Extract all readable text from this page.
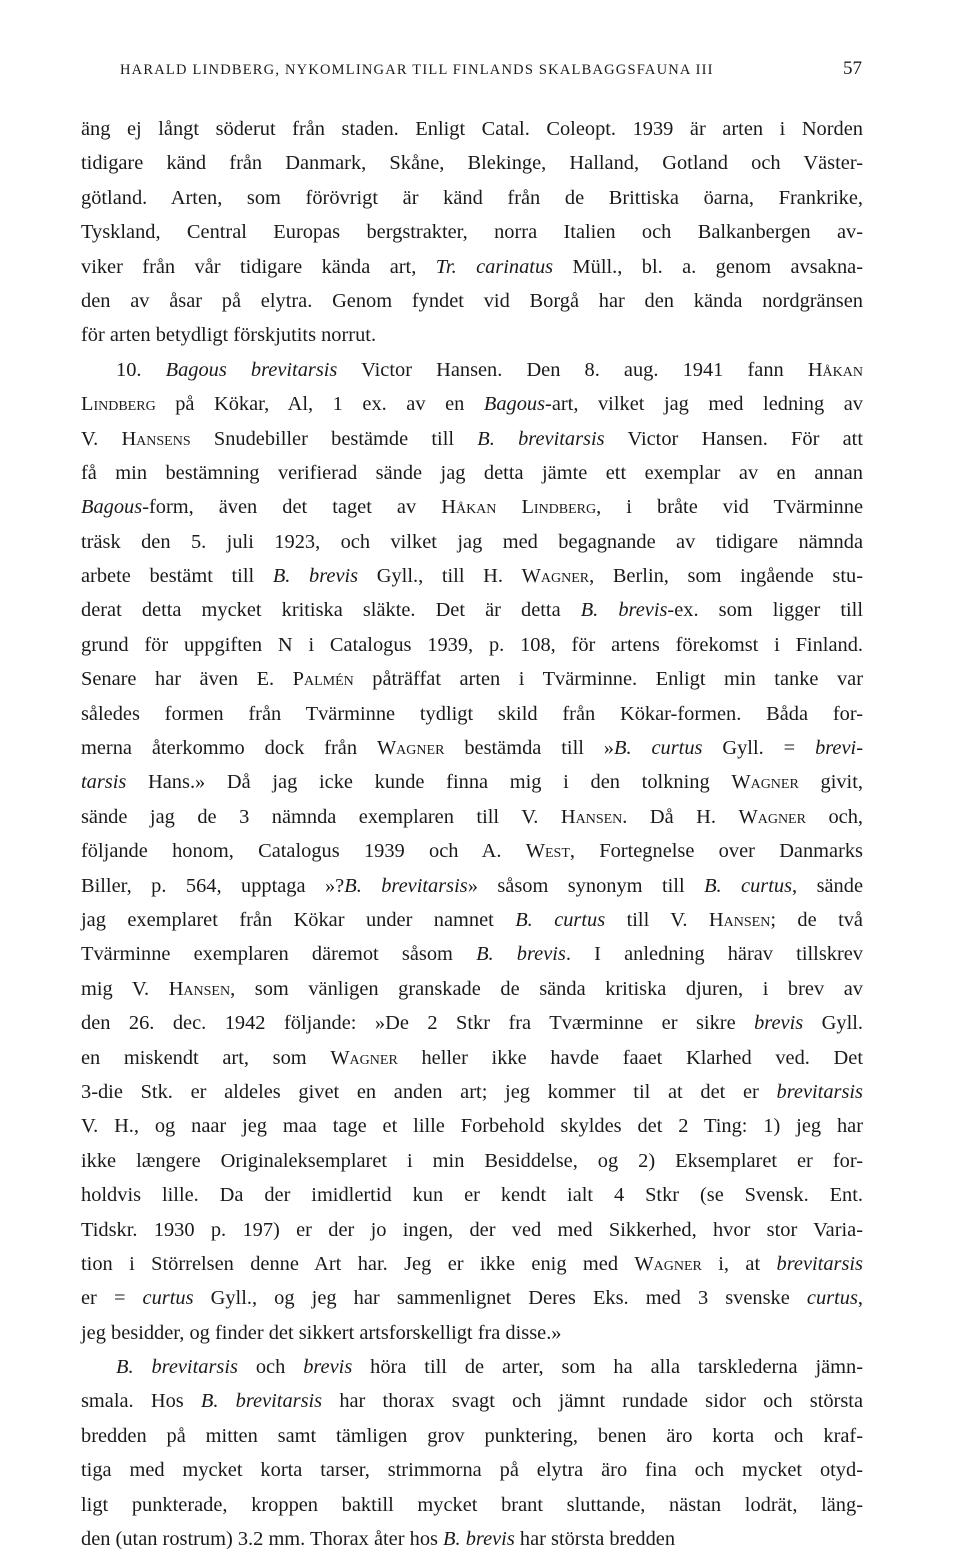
HARALD LINDBERG, NYKOMLINGAR TILL FINLANDS SKALBAGGSFAUNA III	57
äng ej långt söderut från staden. Enligt Catal. Coleopt. 1939 är arten i Norden
tidigare känd från Danmark, Skåne, Blekinge, Halland, Gotland och Väster-
götland. Arten, som förövrigt är känd från de Brittiska öarna, Frankrike,
Tyskland, Central Europas bergstrakter, norra Italien och Balkanbergen av-
viker från vår tidigare kända art, Tr. carinatus Müll., bl. a. genom avsakna-
den av åsar på elytra. Genom fyndet vid Borgå har den kända nordgränsen
för arten betydligt förskjutits norrut.
10. Bagous brevitarsis Victor Hansen. Den 8. aug. 1941 fann Håkan
Lindberg på Kökar, Al, 1 ex. av en Bagous-art, vilket jag med ledning av
V. Hansens Snudebiller bestämde till B. brevitarsis Victor Hansen. För att
få min bestämning verifierad sände jag detta jämte ett exemplar av en annan
Bagous-form, även det taget av Håkan Lindberg, i bråte vid Tvärminne
träsk den 5. juli 1923, och vilket jag med begagnande av tidigare nämnda
arbete bestämt till B. brevis Gyll., till H. Wagner, Berlin, som ingående stu-
derat detta mycket kritiska släkte. Det är detta B. brevis-ex. som ligger till
grund för uppgiften N i Catalogus 1939, p. 108, för artens förekomst i Finland.
Senare har även E. Palmén påträffat arten i Tvärminne. Enligt min tanke var
således formen från Tvärminne tydligt skild från Kökar-formen. Båda for-
merna återkommo dock från Wagner bestämda till »B. curtus Gyll. = brevi-
tarsis Hans.» Då jag icke kunde finna mig i den tolkning Wagner givit,
sände jag de 3 nämnda exemplaren till V. Hansen. Då H. Wagner och,
följande honom, Catalogus 1939 och A. West, Fortegnelse over Danmarks
Biller, p. 564, upptaga »?B. brevitarsis» såsom synonym till B. curtus, sände
jag exemplaret från Kökar under namnet B. curtus till V. Hansen; de två
Tvärminne exemplaren däremot såsom B. brevis. I anledning härav tillskrev
mig V. Hansen, som vänligen granskade de sända kritiska djuren, i brev av
den 26. dec. 1942 följande: »De 2 Stkr fra Tværminne er sikre brevis Gyll.
en miskendt art, som Wagner heller ikke havde faaet Klarhed ved. Det
3-die Stk. er aldeles givet en anden art; jeg kommer til at det er brevitarsis
V. H., og naar jeg maa tage et lille Forbehold skyldes det 2 Ting: 1) jeg har
ikke længere Originaleksemplaret i min Besiddelse, og 2) Eksemplaret er for-
holdvis lille. Da der imidlertid kun er kendt ialt 4 Stkr (se Svensk. Ent.
Tidskr. 1930 p. 197) er der jo ingen, der ved med Sikkerhed, hvor stor Varia-
tion i Störrelsen denne Art har. Jeg er ikke enig med Wagner i, at brevitarsis
er = curtus Gyll., og jeg har sammenlignet Deres Eks. med 3 svenske curtus,
jeg besidder, og finder det sikkert artsforskelligt fra disse.»
B. brevitarsis och brevis höra till de arter, som ha alla tarsklederna jämn-
smala. Hos B. brevitarsis har thorax svagt och jämnt rundade sidor och största
bredden på mitten samt tämligen grov punktering, benen äro korta och kraf-
tiga med mycket korta tarser, strimmorna på elytra äro fina och mycket otyd-
ligt punkterade, kroppen baktill mycket brant sluttande, nästan lodrät, läng-
den (utan rostrum) 3.2 mm. Thorax åter hos B. brevis har största bredden
